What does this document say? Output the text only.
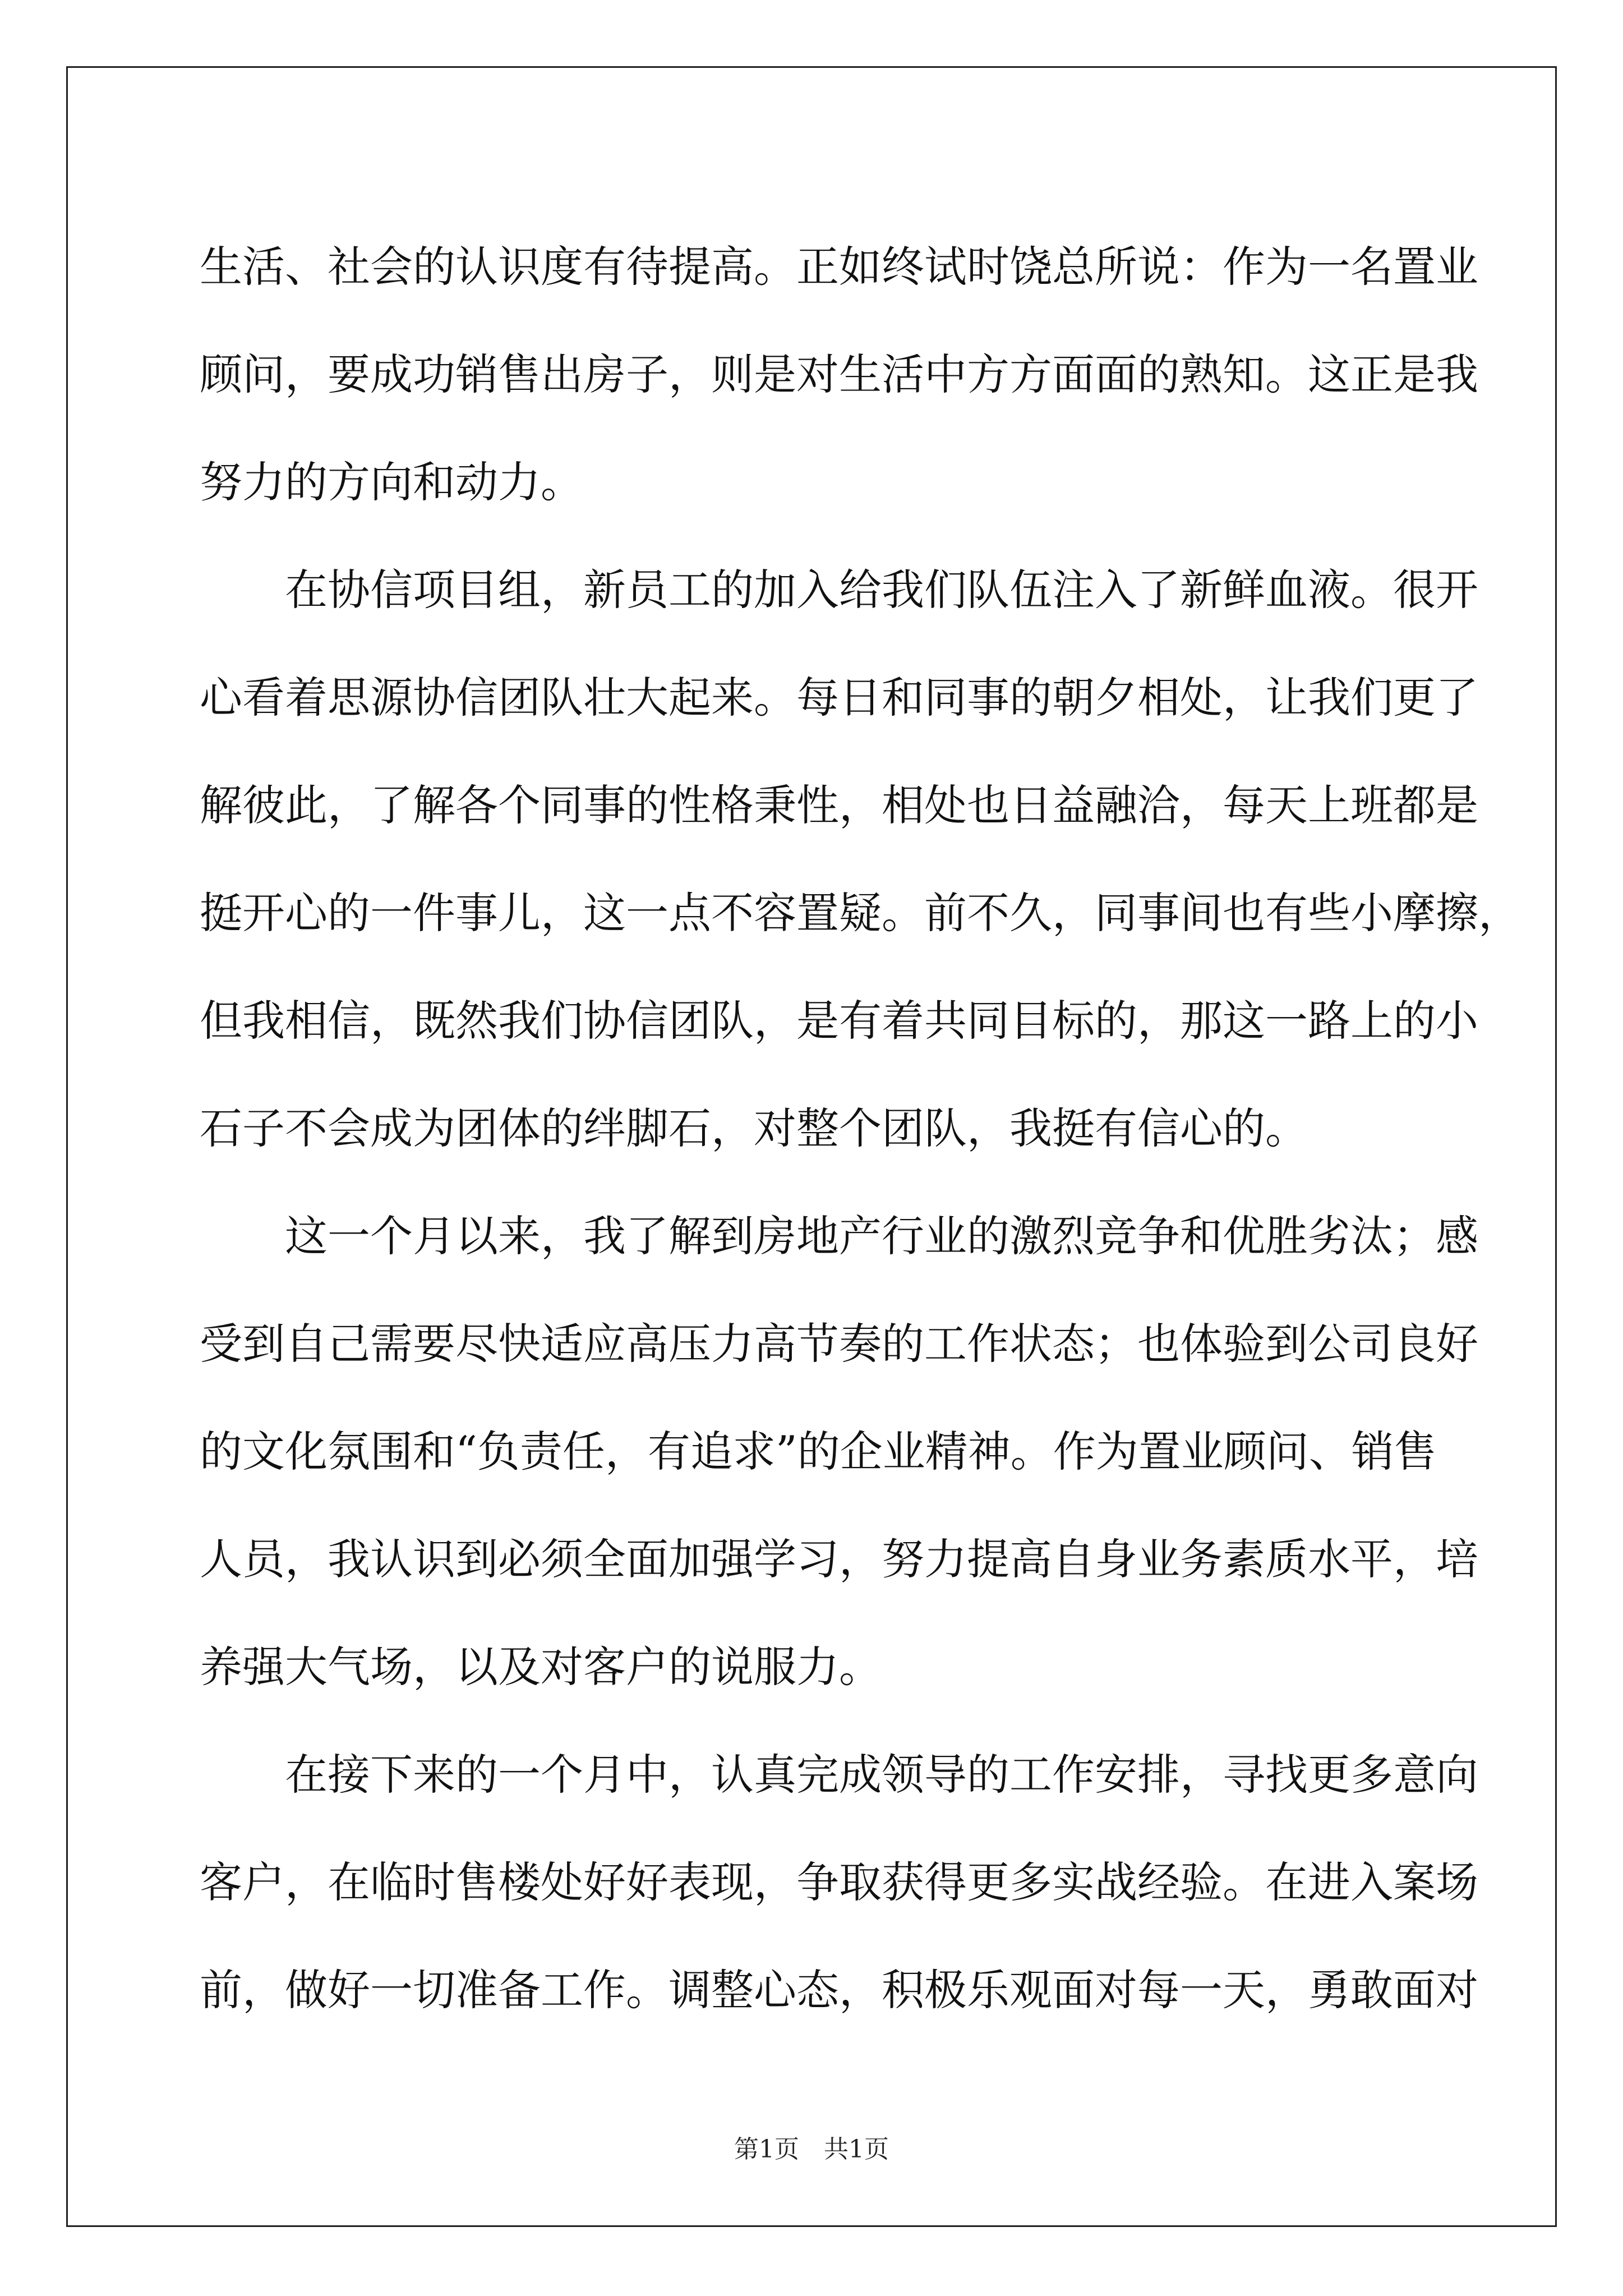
生活、社会的认识度有待提高。正如终试时饶总所说：作为一名置业
顾问，要成功销售出房子，则是对生活中方方面面的熟知。这正是我
努力的方向和动力。
在协信项目组，新员工的加入给我们队伍注入了新鲜血液。很开
心看着思源协信团队壮大起来。每日和同事的朝夕相处，让我们更了
解彼此，了解各个同事的性格秉性，相处也日益融洽，每天上班都是
挺开心的一件事儿，这一点不容置疑。前不久，同事间也有些小摩擦，
但我相信，既然我们协信团队，是有着共同目标的，那这一路上的小
石子不会成为团体的绊脚石，对整个团队，我挺有信心的。
这一个月以来，我了解到房地产行业的激烈竞争和优胜劣汰；感
受到自己需要尽快适应高压力高节奏的工作状态；也体验到公司良好
的文化氛围和“负责任，有追求”的企业精神。作为置业顾问、销售
人员，我认识到必须全面加强学习，努力提高自身业务素质水平，培
养强大气场，以及对客户的说服力。
在接下来的一个月中，认真完成领导的工作安排，寻找更多意向
客户，在临时售楼处好好表现，争取获得更多实战经验。在进入案场
前，做好一切准备工作。调整心态，积极乐观面对每一天，勇敢面对
第1页　共1页
